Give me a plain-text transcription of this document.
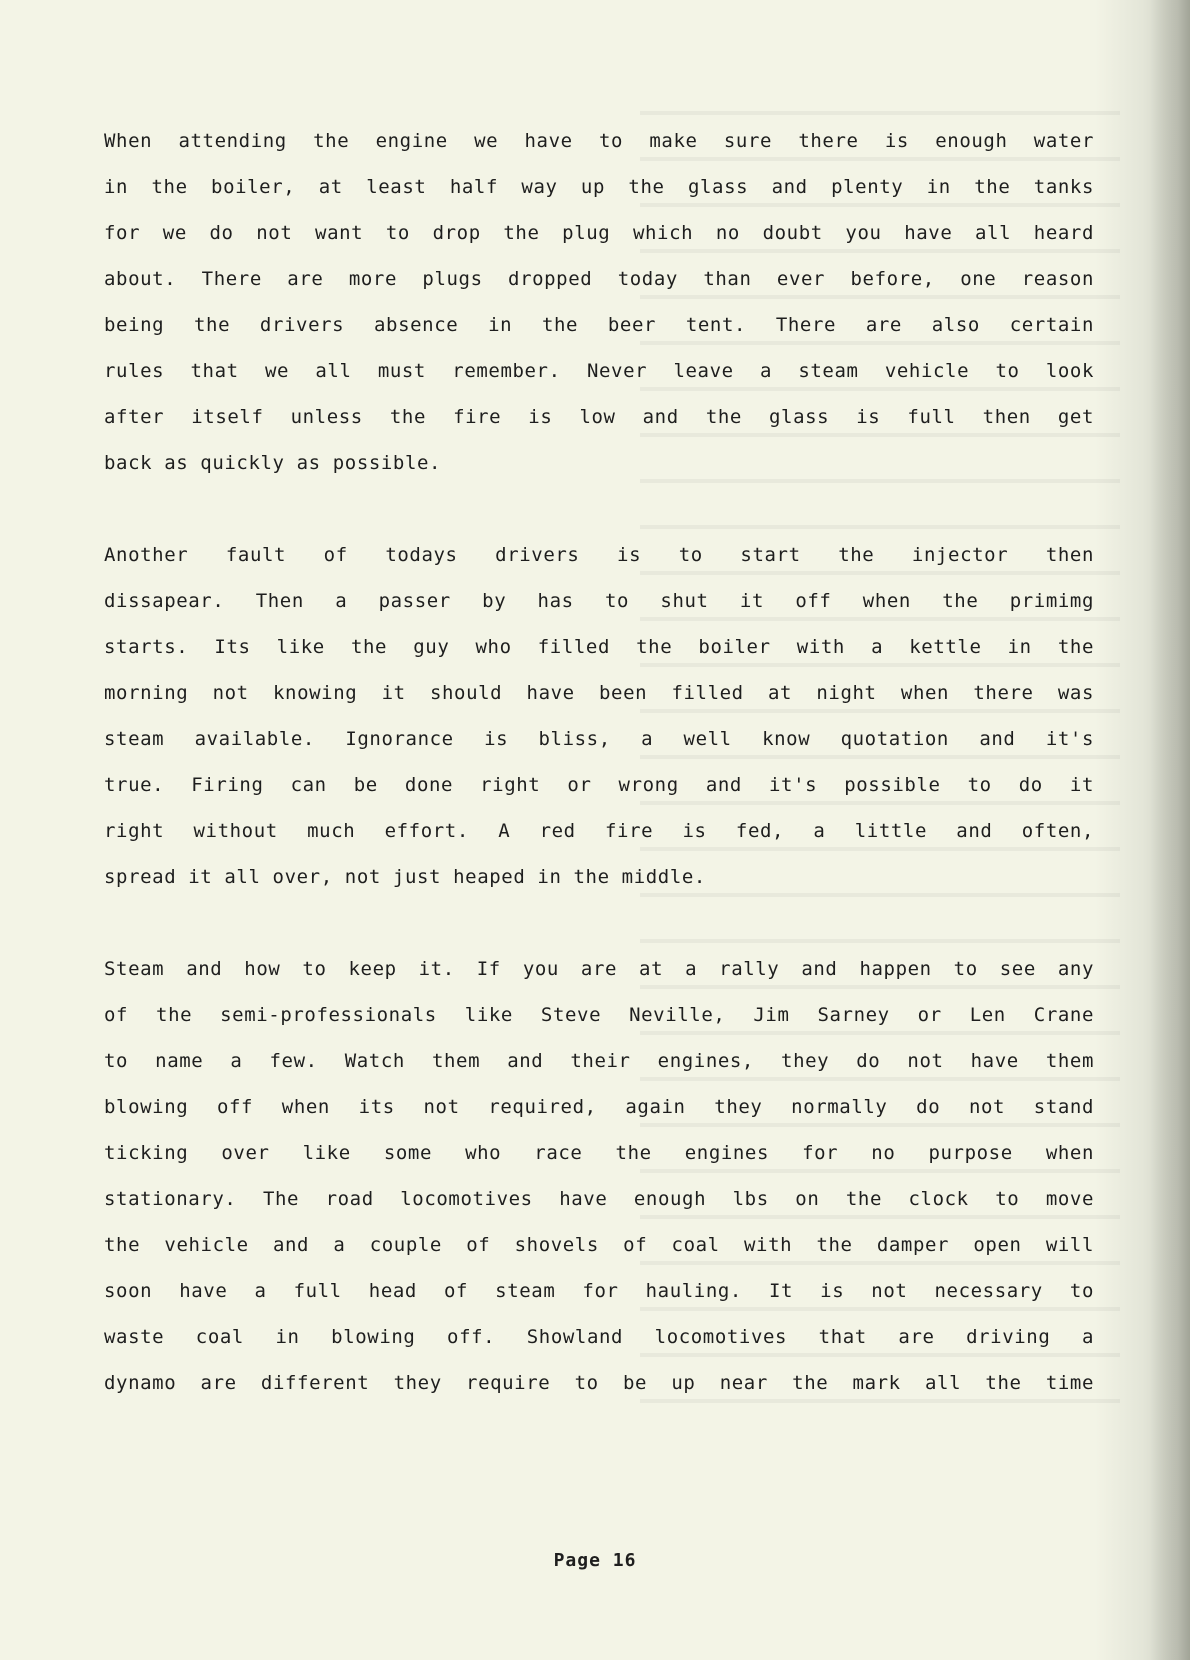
When attending the engine we have to make sure there is enough water
in the boiler, at least half way up the glass and plenty in the tanks
for we do not want to drop the plug which no doubt you have all heard
about. There are more plugs dropped today than ever before, one reason
being the drivers absence in the beer tent. There are also certain
rules that we all must remember. Never leave a steam vehicle to look
after itself unless the fire is low and the glass is full then get
back as quickly as possible.
Another fault of todays drivers is to start the injector then
dissapear. Then a passer by has to shut it off when the primimg
starts. Its like the guy who filled the boiler with a kettle in the
morning not knowing it should have been filled at night when there was
steam available. Ignorance is bliss, a well know quotation and it's
true. Firing can be done right or wrong and it's possible to do it
right without much effort. A red fire is fed, a little and often,
spread it all over, not just heaped in the middle.
Steam and how to keep it. If you are at a rally and happen to see any
of the semi-professionals like Steve Neville, Jim Sarney or Len Crane
to name a few. Watch them and their engines, they do not have them
blowing off when its not required, again they normally do not stand
ticking over like some who race the engines for no purpose when
stationary. The road locomotives have enough lbs on the clock to move
the vehicle and a couple of shovels of coal with the damper open will
soon have a full head of steam for hauling. It is not necessary to
waste coal in blowing off. Showland locomotives that are driving a
dynamo are different they require to be up near the mark all the time
Page 16
